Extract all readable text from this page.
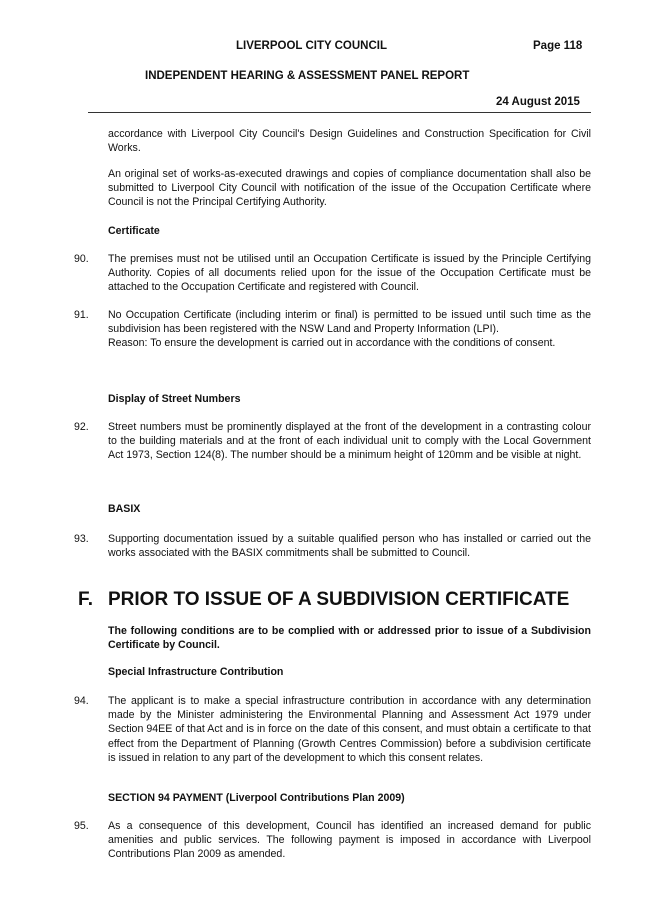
LIVERPOOL CITY COUNCIL	Page 118
INDEPENDENT HEARING & ASSESSMENT PANEL REPORT
24 August 2015
accordance with Liverpool City Council's Design Guidelines and Construction Specification for Civil Works.
An original set of works-as-executed drawings and copies of compliance documentation shall also be submitted to Liverpool City Council with notification of the issue of the Occupation Certificate where Council is not the Principal Certifying Authority.
Certificate
90. The premises must not be utilised until an Occupation Certificate is issued by the Principle Certifying Authority. Copies of all documents relied upon for the issue of the Occupation Certificate must be attached to the Occupation Certificate and registered with Council.
91. No Occupation Certificate (including interim or final) is permitted to be issued until such time as the subdivision has been registered with the NSW Land and Property Information (LPI).
Reason: To ensure the development is carried out in accordance with the conditions of consent.
Display of Street Numbers
92. Street numbers must be prominently displayed at the front of the development in a contrasting colour to the building materials and at the front of each individual unit to comply with the Local Government Act 1973, Section 124(8). The number should be a minimum height of 120mm and be visible at night.
BASIX
93. Supporting documentation issued by a suitable qualified person who has installed or carried out the works associated with the BASIX commitments shall be submitted to Council.
F. PRIOR TO ISSUE OF A SUBDIVISION CERTIFICATE
The following conditions are to be complied with or addressed prior to issue of a Subdivision Certificate by Council.
Special Infrastructure Contribution
94. The applicant is to make a special infrastructure contribution in accordance with any determination made by the Minister administering the Environmental Planning and Assessment Act 1979 under Section 94EE of that Act and is in force on the date of this consent, and must obtain a certificate to that effect from the Department of Planning (Growth Centres Commission) before a subdivision certificate is issued in relation to any part of the development to which this consent relates.
SECTION 94 PAYMENT (Liverpool Contributions Plan 2009)
95. As a consequence of this development, Council has identified an increased demand for public amenities and public services. The following payment is imposed in accordance with Liverpool Contributions Plan 2009 as amended.
